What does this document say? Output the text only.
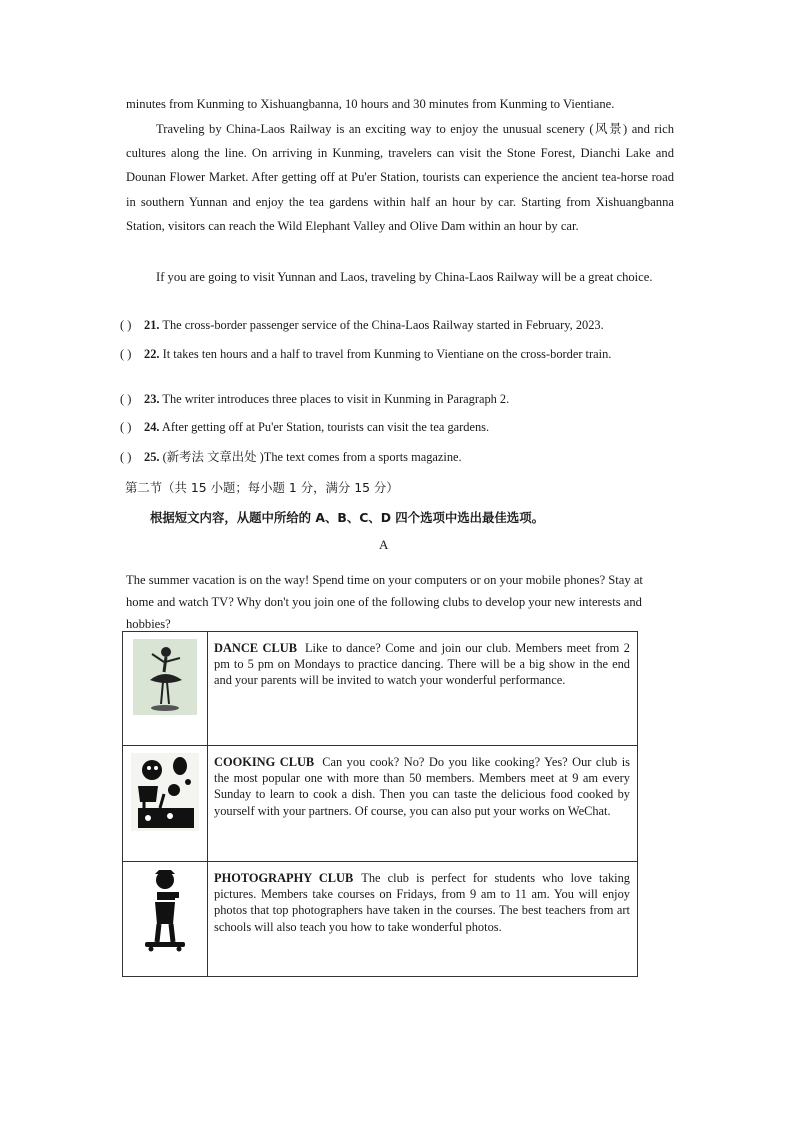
minutes from Kunming to Xishuangbanna, 10 hours and 30 minutes from Kunming to Vientiane.
Traveling by China-Laos Railway is an exciting way to enjoy the unusual scenery (风景) and rich cultures along the line. On arriving in Kunming, travelers can visit the Stone Forest, Dianchi Lake and Dounan Flower Market. After getting off at Pu'er Station, tourists can experience the ancient tea-horse road in southern Yunnan and enjoy the tea gardens within half an hour by car. Starting from Xishuangbanna Station, visitors can reach the Wild Elephant Valley and Olive Dam within an hour by car.
If you are going to visit Yunnan and Laos, traveling by China-Laos Railway will be a great choice.
( ) 21. The cross-border passenger service of the China-Laos Railway started in February, 2023.
( ) 22. It takes ten hours and a half to travel from Kunming to Vientiane on the cross-border train.
( ) 23. The writer introduces three places to visit in Kunming in Paragraph 2.
( ) 24. After getting off at Pu'er Station, tourists can visit the tea gardens.
( ) 25. (新考法 文章出处 )The text comes from a sports magazine.
第二节（共 15 小题；每小题 1 分，满分 15 分）
根据短文内容，从题中所给的 A、B、C、D 四个选项中选出最佳选项。
A
The summer vacation is on the way! Spend time on your computers or on your mobile phones? Stay at home and watch TV? Why don't you join one of the following clubs to develop your new interests and hobbies?
	DANCE CLUB Like to dance? Come and join our club. Members meet from 2 pm to 5 pm on Mondays to practice dancing. There will be a big show in the end and your parents will be invited to watch your wonderful performance.

	COOKING CLUB Can you cook? No? Do you like cooking? Yes? Our club is the most popular one with more than 50 members. Members meet at 9 am every Sunday to learn to cook a dish. Then you can taste the delicious food cooked by yourself with your partners. Of course, you can also put your works on WeChat.

	PHOTOGRAPHY CLUB The club is perfect for students who love taking pictures. Members take courses on Fridays, from 9 am to 11 am. You will enjoy photos that top photographers have taken in the courses. The best teachers from art schools will also teach you how to take wonderful photos.
